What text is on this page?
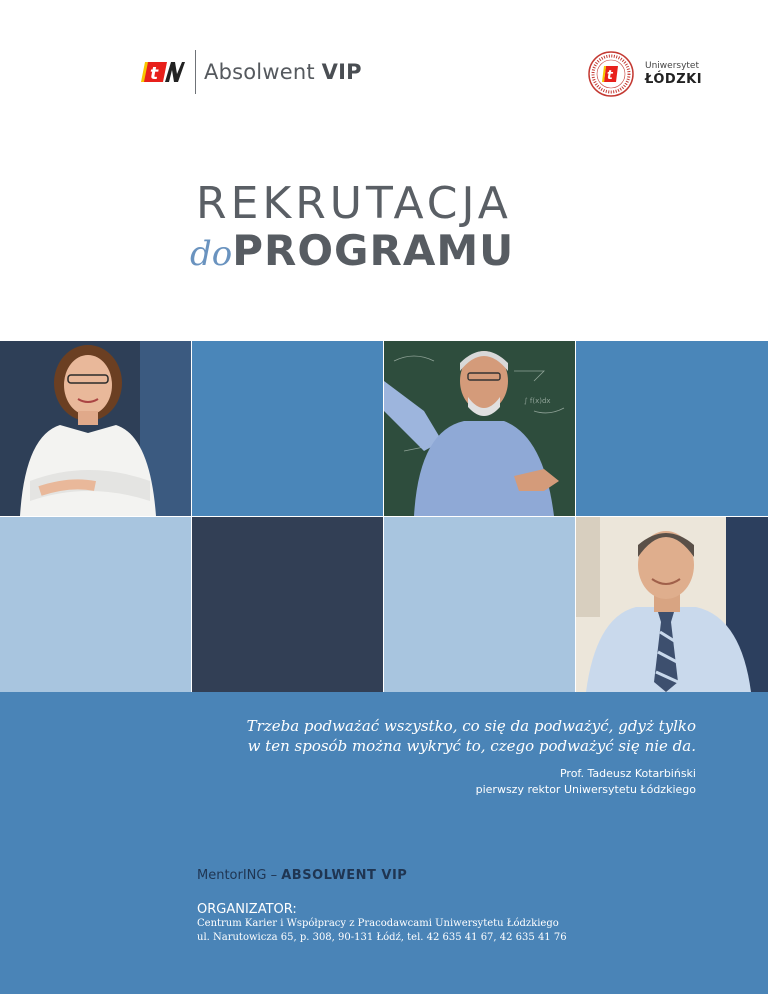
t Absolwent VIP	t
Uniwersytet
ŁÓDZKI
REKRUTACJA
doPROGRAMU
∫ f(x)dx
Trzeba podważać wszystko, co się da podważyć, gdyż tylko
w ten sposób można wykryć to, czego podważyć się nie da.
Prof. Tadeusz Kotarbiński
pierwszy rektor Uniwersytetu Łódzkiego
MentorING – ABSOLWENT VIP
ORGANIZATOR:
Centrum Karier i Współpracy z Pracodawcami Uniwersytetu Łódzkiego
ul. Narutowicza 65, p. 308, 90-131 Łódź, tel. 42 635 41 67, 42 635 41 76
